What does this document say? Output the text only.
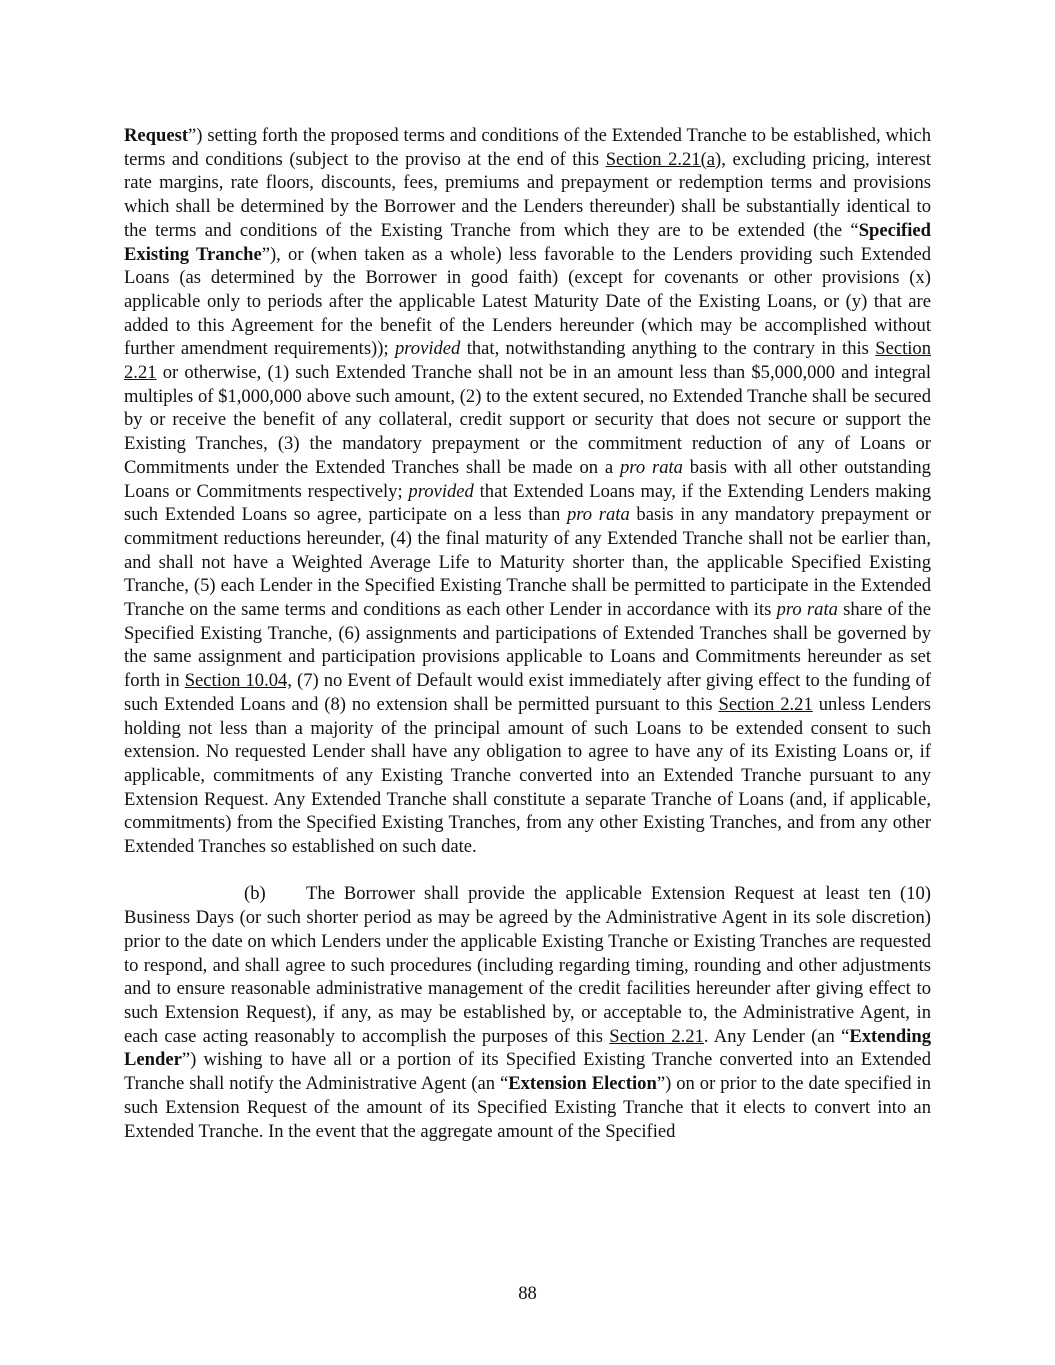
Request”) setting forth the proposed terms and conditions of the Extended Tranche to be established, which terms and conditions (subject to the proviso at the end of this Section 2.21(a), excluding pricing, interest rate margins, rate floors, discounts, fees, premiums and prepayment or redemption terms and provisions which shall be determined by the Borrower and the Lenders thereunder) shall be substantially identical to the terms and conditions of the Existing Tranche from which they are to be extended (the “Specified Existing Tranche”), or (when taken as a whole) less favorable to the Lenders providing such Extended Loans (as determined by the Borrower in good faith) (except for covenants or other provisions (x) applicable only to periods after the applicable Latest Maturity Date of the Existing Loans, or (y) that are added to this Agreement for the benefit of the Lenders hereunder (which may be accomplished without further amendment requirements)); provided that, notwithstanding anything to the contrary in this Section 2.21 or otherwise, (1) such Extended Tranche shall not be in an amount less than $5,000,000 and integral multiples of $1,000,000 above such amount, (2) to the extent secured, no Extended Tranche shall be secured by or receive the benefit of any collateral, credit support or security that does not secure or support the Existing Tranches, (3) the mandatory prepayment or the commitment reduction of any of Loans or Commitments under the Extended Tranches shall be made on a pro rata basis with all other outstanding Loans or Commitments respectively; provided that Extended Loans may, if the Extending Lenders making such Extended Loans so agree, participate on a less than pro rata basis in any mandatory prepayment or commitment reductions hereunder, (4) the final maturity of any Extended Tranche shall not be earlier than, and shall not have a Weighted Average Life to Maturity shorter than, the applicable Specified Existing Tranche, (5) each Lender in the Specified Existing Tranche shall be permitted to participate in the Extended Tranche on the same terms and conditions as each other Lender in accordance with its pro rata share of the Specified Existing Tranche, (6) assignments and participations of Extended Tranches shall be governed by the same assignment and participation provisions applicable to Loans and Commitments hereunder as set forth in Section 10.04, (7) no Event of Default would exist immediately after giving effect to the funding of such Extended Loans and (8) no extension shall be permitted pursuant to this Section 2.21 unless Lenders holding not less than a majority of the principal amount of such Loans to be extended consent to such extension. No requested Lender shall have any obligation to agree to have any of its Existing Loans or, if applicable, commitments of any Existing Tranche converted into an Extended Tranche pursuant to any Extension Request. Any Extended Tranche shall constitute a separate Tranche of Loans (and, if applicable, commitments) from the Specified Existing Tranches, from any other Existing Tranches, and from any other Extended Tranches so established on such date.

(b) The Borrower shall provide the applicable Extension Request at least ten (10) Business Days (or such shorter period as may be agreed by the Administrative Agent in its sole discretion) prior to the date on which Lenders under the applicable Existing Tranche or Existing Tranches are requested to respond, and shall agree to such procedures (including regarding timing, rounding and other adjustments and to ensure reasonable administrative management of the credit facilities hereunder after giving effect to such Extension Request), if any, as may be established by, or acceptable to, the Administrative Agent, in each case acting reasonably to accomplish the purposes of this Section 2.21. Any Lender (an “Extending Lender”) wishing to have all or a portion of its Specified Existing Tranche converted into an Extended Tranche shall notify the Administrative Agent (an “Extension Election”) on or prior to the date specified in such Extension Request of the amount of its Specified Existing Tranche that it elects to convert into an Extended Tranche. In the event that the aggregate amount of the Specified

88
